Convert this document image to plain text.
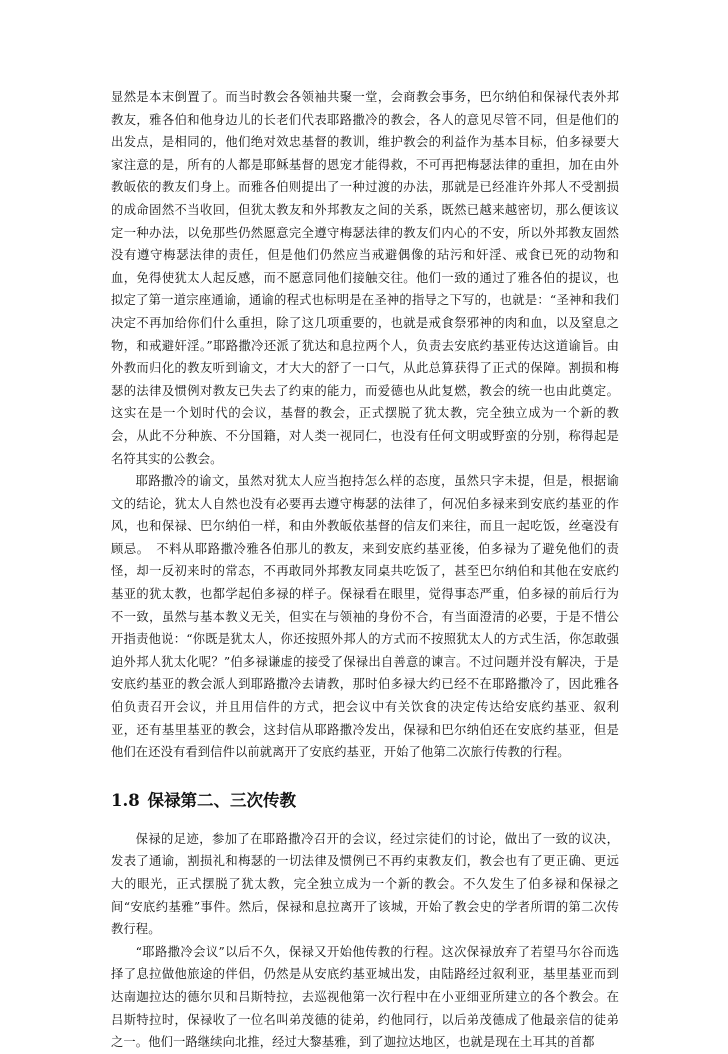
显然是本末倒置了。而当时教会各领袖共聚一堂，会商教会事务，巴尔纳伯和保禄代表外邦教友，雅各伯和他身边儿的长老们代表耶路撒冷的教会，各人的意见尽管不同，但是他们的出发点，是相同的，他们绝对效忠基督的教训，维护教会的利益作为基本目标，伯多禄要大家注意的是，所有的人都是耶稣基督的恩宠才能得救，不可再把梅瑟法律的重担，加在由外教皈依的教友们身上。而雅各伯则提出了一种过渡的办法，那就是已经准许外邦人不受割损的成命固然不当收回，但犹太教友和外邦教友之间的关系，既然已越来越密切，那么便该议定一种办法，以免那些仍然愿意完全遵守梅瑟法律的教友们内心的不安，所以外邦教友固然没有遵守梅瑟法律的责任，但是他们仍然应当戒避偶像的玷污和奸淫、戒食已死的动物和血，免得使犹太人起反感，而不愿意同他们接触交往。他们一致的通过了雅各伯的提议，也拟定了第一道宗座通谕，通谕的程式也标明是在圣神的指导之下写的，也就是：“圣神和我们决定不再加给你们什么重担，除了这几项重要的，也就是戒食祭邪神的肉和血，以及窒息之物，和戒避奸淫。”耶路撒冷还派了犹达和息拉两个人，负责去安底约基亚传达这道谕旨。由外教而归化的教友听到谕文，才大大的舒了一口气，从此总算获得了正式的保障。割损和梅瑟的法律及惯例对教友已失去了约束的能力，而爱德也从此复燃，教会的统一也由此奠定。这实在是一个划时代的会议，基督的教会，正式摆脱了犹太教，完全独立成为一个新的教会，从此不分种族、不分国籍，对人类一视同仁，也没有任何文明或野蛮的分别，称得起是名符其实的公教会。

耶路撒冷的谕文，虽然对犹太人应当抱持怎么样的态度，虽然只字未提，但是，根据谕文的结论，犹太人自然也没有必要再去遵守梅瑟的法律了，何况伯多禄来到安底约基亚的作风，也和保禄、巴尔纳伯一样，和由外教皈依基督的信友们来往，而且一起吃饭，丝毫没有顾忌。　不料从耶路撒冷雅各伯那儿的教友，来到安底约基亚後，伯多禄为了避免他们的责怪，却一反初来时的常态，不再敢同外邦教友同桌共吃饭了，甚至巴尔纳伯和其他在安底约基亚的犹太教，也都学起伯多禄的样子。保禄看在眼里，觉得事态严重，伯多禄的前后行为不一致，虽然与基本教义无关，但实在与领袖的身份不合，有当面澄清的必要，于是不惜公开指责他说：“你既是犹太人，你还按照外邦人的方式而不按照犹太人的方式生活，你怎敢强迫外邦人犹太化呢？”伯多禄谦虚的接受了保禄出自善意的谏言。不过问题并没有解决，于是安底约基亚的教会派人到耶路撒冷去请教，那时伯多禄大约已经不在耶路撒冷了，因此雅各伯负责召开会议，并且用信件的方式，把会议中有关饮食的决定传达给安底约基亚、叙利亚，还有基里基亚的教会，这封信从耶路撒冷发出，保禄和巴尔纳伯还在安底约基亚，但是他们在还没有看到信件以前就离开了安底约基亚，开始了他第二次旅行传教的行程。

1.8 保禄第二、三次传教

保禄的足迹，参加了在耶路撒冷召开的会议，经过宗徒们的讨论，做出了一致的议决，发表了通谕，割损礼和梅瑟的一切法律及惯例已不再约束教友们，教会也有了更正确、更远大的眼光，正式摆脱了犹太教，完全独立成为一个新的教会。不久发生了伯多禄和保禄之间“安底约基雅”事件。然后，保禄和息拉离开了该城，开始了教会史的学者所谓的第二次传教行程。

“耶路撒冷会议”以后不久，保禄又开始他传教的行程。这次保禄放弃了若望马尔谷而选择了息拉做他旅途的伴侣，仍然是从安底约基亚城出发，由陆路经过叙利亚，基里基亚而到达南迦拉达的德尔贝和吕斯特拉，去巡视他第一次行程中在小亚细亚所建立的各个教会。在吕斯特拉时，保禄收了一位名叫弟茂德的徒弟，约他同行，以后弟茂德成了他最亲信的徒弟之一。他们一路继续向北推，经过大黎基雅，到了迦拉达地区，也就是现在土耳其的首都
